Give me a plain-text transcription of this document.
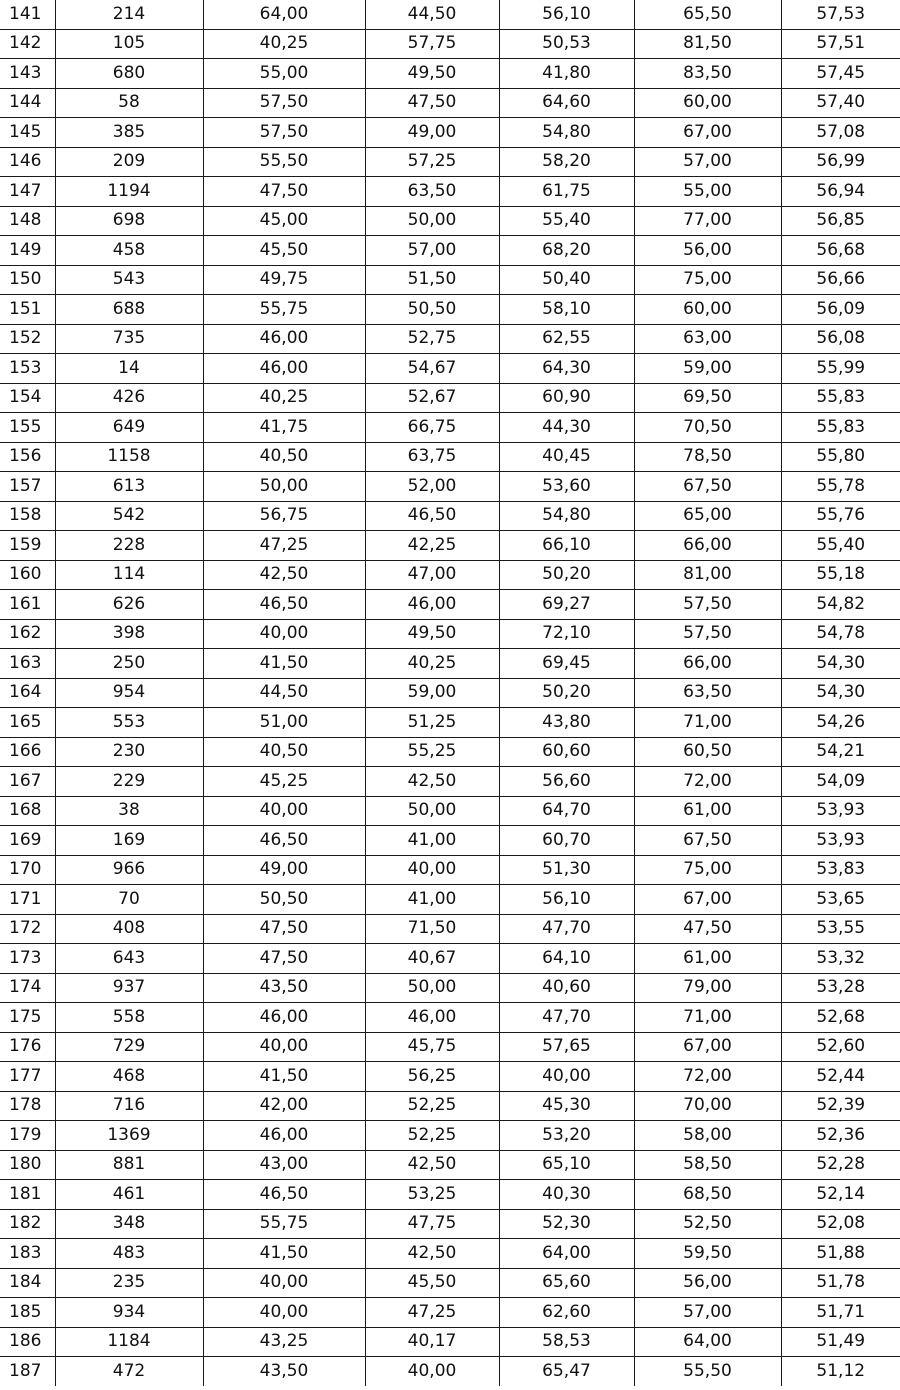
141	214	64,00	44,50	56,10	65,50	57,53
142	105	40,25	57,75	50,53	81,50	57,51
143	680	55,00	49,50	41,80	83,50	57,45
144	58	57,50	47,50	64,60	60,00	57,40
145	385	57,50	49,00	54,80	67,00	57,08
146	209	55,50	57,25	58,20	57,00	56,99
147	1194	47,50	63,50	61,75	55,00	56,94
148	698	45,00	50,00	55,40	77,00	56,85
149	458	45,50	57,00	68,20	56,00	56,68
150	543	49,75	51,50	50,40	75,00	56,66
151	688	55,75	50,50	58,10	60,00	56,09
152	735	46,00	52,75	62,55	63,00	56,08
153	14	46,00	54,67	64,30	59,00	55,99
154	426	40,25	52,67	60,90	69,50	55,83
155	649	41,75	66,75	44,30	70,50	55,83
156	1158	40,50	63,75	40,45	78,50	55,80
157	613	50,00	52,00	53,60	67,50	55,78
158	542	56,75	46,50	54,80	65,00	55,76
159	228	47,25	42,25	66,10	66,00	55,40
160	114	42,50	47,00	50,20	81,00	55,18
161	626	46,50	46,00	69,27	57,50	54,82
162	398	40,00	49,50	72,10	57,50	54,78
163	250	41,50	40,25	69,45	66,00	54,30
164	954	44,50	59,00	50,20	63,50	54,30
165	553	51,00	51,25	43,80	71,00	54,26
166	230	40,50	55,25	60,60	60,50	54,21
167	229	45,25	42,50	56,60	72,00	54,09
168	38	40,00	50,00	64,70	61,00	53,93
169	169	46,50	41,00	60,70	67,50	53,93
170	966	49,00	40,00	51,30	75,00	53,83
171	70	50,50	41,00	56,10	67,00	53,65
172	408	47,50	71,50	47,70	47,50	53,55
173	643	47,50	40,67	64,10	61,00	53,32
174	937	43,50	50,00	40,60	79,00	53,28
175	558	46,00	46,00	47,70	71,00	52,68
176	729	40,00	45,75	57,65	67,00	52,60
177	468	41,50	56,25	40,00	72,00	52,44
178	716	42,00	52,25	45,30	70,00	52,39
179	1369	46,00	52,25	53,20	58,00	52,36
180	881	43,00	42,50	65,10	58,50	52,28
181	461	46,50	53,25	40,30	68,50	52,14
182	348	55,75	47,75	52,30	52,50	52,08
183	483	41,50	42,50	64,00	59,50	51,88
184	235	40,00	45,50	65,60	56,00	51,78
185	934	40,00	47,25	62,60	57,00	51,71
186	1184	43,25	40,17	58,53	64,00	51,49
187	472	43,50	40,00	65,47	55,50	51,12
